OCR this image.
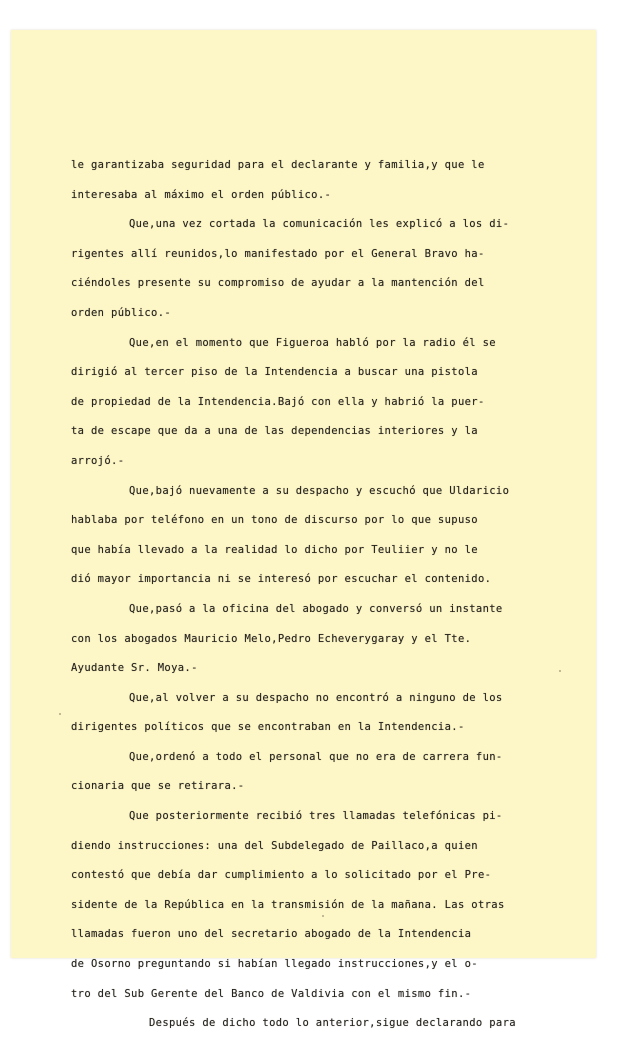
le garantizaba seguridad para el declarante y familia,y que le
interesaba al máximo el orden público.-
Que,una vez cortada la comunicación les explicó a los di-
rigentes allí reunidos,lo manifestado por el General Bravo ha-
ciéndoles presente su compromiso de ayudar a la mantención del
orden público.-
Que,en el momento que Figueroa habló por la radio él se
dirigió al tercer piso de la Intendencia a buscar una pistola
de propiedad de la Intendencia.Bajó con ella y habrió la puer-
ta de escape que da a una de las dependencias interiores y la
arrojó.-
Que,bajó nuevamente a su despacho y escuchó que Uldaricio
hablaba por teléfono en un tono de discurso por lo que supuso
que había llevado a la realidad lo dicho por Teuliier y no le
dió mayor importancia ni se interesó por escuchar el contenido.
Que,pasó a la oficina del abogado y conversó un instante
con los abogados Mauricio Melo,Pedro Echeverygaray y el Tte.
Ayudante Sr. Moya.-
Que,al volver a su despacho no encontró a ninguno de los
dirigentes políticos que se encontraban en la Intendencia.-
Que,ordenó a todo el personal que no era de carrera fun-
cionaria que se retirara.-
Que posteriormente recibió tres llamadas telefónicas pi-
diendo instrucciones: una del Subdelegado de Paillaco,a quien
contestó que debía dar cumplimiento a lo solicitado por el Pre-
sidente de la República en la transmisión de la mañana. Las otras
llamadas fueron uno del secretario abogado de la Intendencia
de Osorno preguntando si habían llegado instrucciones,y el o-
tro del Sub Gerente del Banco de Valdivia con el mismo fin.-
Después de dicho todo lo anterior,sigue declarando para
